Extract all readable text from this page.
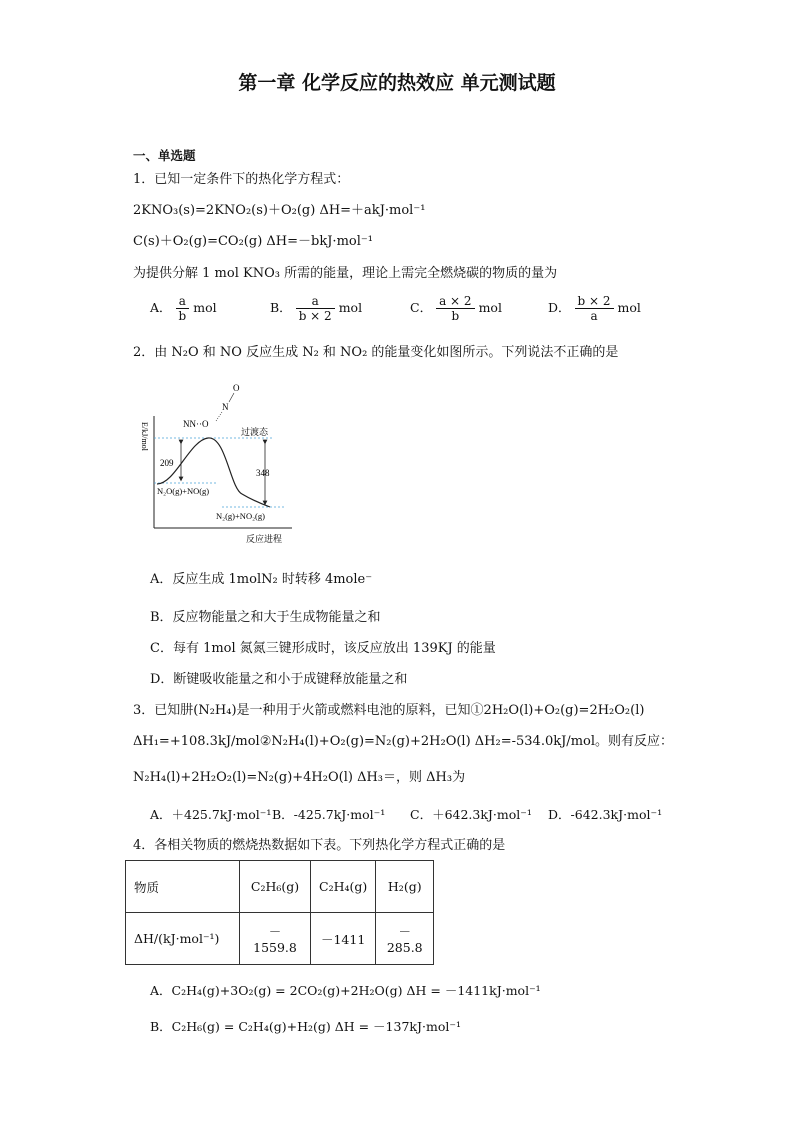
第一章 化学反应的热效应 单元测试题
一、单选题
1．已知一定条件下的热化学方程式：
2KNO₃(s)=2KNO₂(s)＋O₂(g) ΔH=＋akJ·mol⁻¹
C(s)＋O₂(g)=CO₂(g) ΔH=－bkJ·mol⁻¹
为提供分解 1 mol KNO₃ 所需的能量，理论上需完全燃烧碳的物质的量为
A． $\frac{a}{b}$ mol	B． $\frac{a}{b \times 2}$ mol	C． $\frac{a \times 2}{b}$ mol	D． $\frac{b \times 2}{a}$ mol
2．由 N₂O 和 NO 反应生成 N₂ 和 NO₂ 的能量变化如图所示。下列说法不正确的是
E/kJ/mol
反应进程
209
348
过渡态
N₂O(g)+NO(g)
N₂(g)+NO₂(g)
NN··O
N
O
A．反应生成 1molN₂ 时转移 4mole⁻
B．反应物能量之和大于生成物能量之和
C．每有 1mol 氮氮三键形成时，该反应放出 139KJ 的能量
D．断键吸收能量之和小于成键释放能量之和
3．已知肼(N₂H₄)是一种用于火箭或燃料电池的原料，已知①2H₂O(l)+O₂(g)=2H₂O₂(l)
ΔH₁=+108.3kJ/mol②N₂H₄(l)+O₂(g)=N₂(g)+2H₂O(l) ΔH₂=-534.0kJ/mol。则有反应：
N₂H₄(l)+2H₂O₂(l)=N₂(g)+4H₂O(l) ΔH₃＝，则 ΔH₃为
A．＋425.7kJ·mol⁻¹ B．-425.7kJ·mol⁻¹ C．＋642.3kJ·mol⁻¹ D．-642.3kJ·mol⁻¹
4．各相关物质的燃烧热数据如下表。下列热化学方程式正确的是
物质	C₂H₆(g)	C₂H₄(g)	H₂(g)
ΔH/(kJ·mol⁻¹)	－1559.8	－1411	－285.8
A．C₂H₄(g)+3O₂(g) = 2CO₂(g)+2H₂O(g) ΔH = －1411kJ·mol⁻¹
B．C₂H₆(g) = C₂H₄(g)+H₂(g) ΔH = －137kJ·mol⁻¹
